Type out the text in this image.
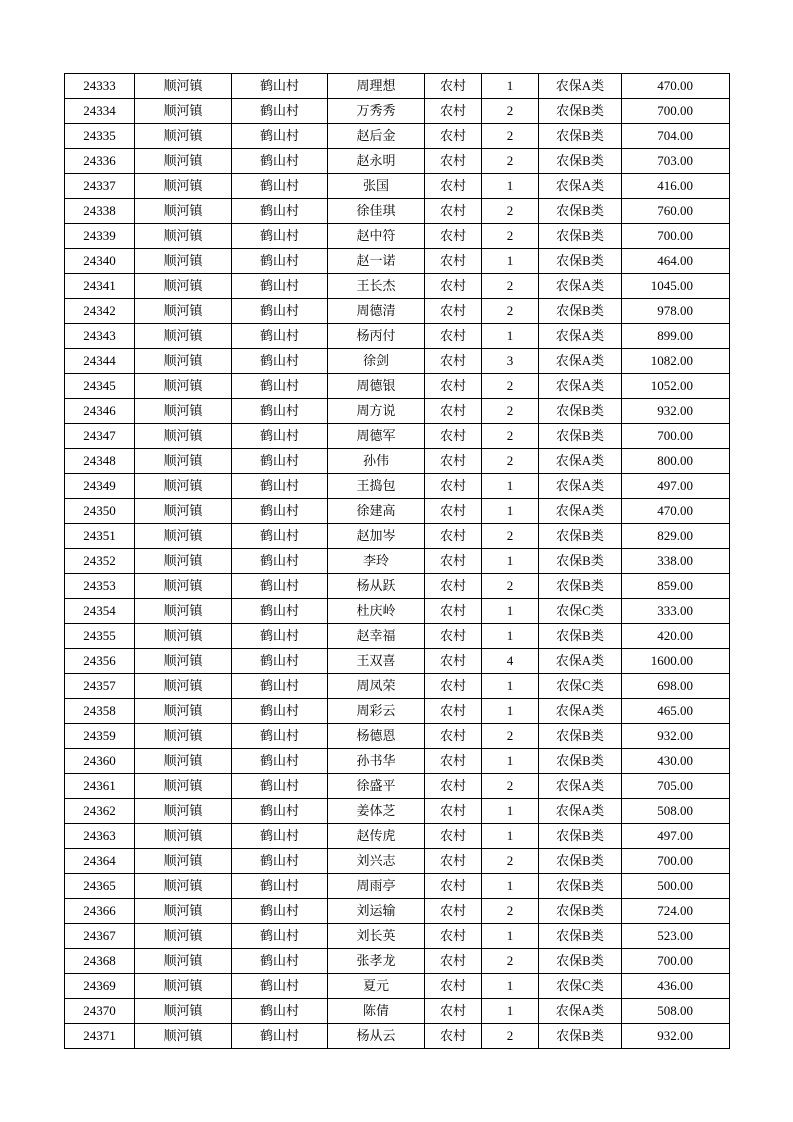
24333	顺河镇	鹤山村	周理想	农村	1	农保A类	470.00
24334	顺河镇	鹤山村	万秀秀	农村	2	农保B类	700.00
24335	顺河镇	鹤山村	赵后金	农村	2	农保B类	704.00
24336	顺河镇	鹤山村	赵永明	农村	2	农保B类	703.00
24337	顺河镇	鹤山村	张国	农村	1	农保A类	416.00
24338	顺河镇	鹤山村	徐佳琪	农村	2	农保B类	760.00
24339	顺河镇	鹤山村	赵中符	农村	2	农保B类	700.00
24340	顺河镇	鹤山村	赵一诺	农村	1	农保B类	464.00
24341	顺河镇	鹤山村	王长杰	农村	2	农保A类	1045.00
24342	顺河镇	鹤山村	周德清	农村	2	农保B类	978.00
24343	顺河镇	鹤山村	杨丙付	农村	1	农保A类	899.00
24344	顺河镇	鹤山村	徐剑	农村	3	农保A类	1082.00
24345	顺河镇	鹤山村	周德银	农村	2	农保A类	1052.00
24346	顺河镇	鹤山村	周方说	农村	2	农保B类	932.00
24347	顺河镇	鹤山村	周德军	农村	2	农保B类	700.00
24348	顺河镇	鹤山村	孙伟	农村	2	农保A类	800.00
24349	顺河镇	鹤山村	王捣包	农村	1	农保A类	497.00
24350	顺河镇	鹤山村	徐建高	农村	1	农保A类	470.00
24351	顺河镇	鹤山村	赵加岑	农村	2	农保B类	829.00
24352	顺河镇	鹤山村	李玲	农村	1	农保B类	338.00
24353	顺河镇	鹤山村	杨从跃	农村	2	农保B类	859.00
24354	顺河镇	鹤山村	杜庆岭	农村	1	农保C类	333.00
24355	顺河镇	鹤山村	赵幸福	农村	1	农保B类	420.00
24356	顺河镇	鹤山村	王双喜	农村	4	农保A类	1600.00
24357	顺河镇	鹤山村	周凤荣	农村	1	农保C类	698.00
24358	顺河镇	鹤山村	周彩云	农村	1	农保A类	465.00
24359	顺河镇	鹤山村	杨德恩	农村	2	农保B类	932.00
24360	顺河镇	鹤山村	孙书华	农村	1	农保B类	430.00
24361	顺河镇	鹤山村	徐盛平	农村	2	农保A类	705.00
24362	顺河镇	鹤山村	姜体芝	农村	1	农保A类	508.00
24363	顺河镇	鹤山村	赵传虎	农村	1	农保B类	497.00
24364	顺河镇	鹤山村	刘兴志	农村	2	农保B类	700.00
24365	顺河镇	鹤山村	周雨亭	农村	1	农保B类	500.00
24366	顺河镇	鹤山村	刘运输	农村	2	农保B类	724.00
24367	顺河镇	鹤山村	刘长英	农村	1	农保B类	523.00
24368	顺河镇	鹤山村	张孝龙	农村	2	农保B类	700.00
24369	顺河镇	鹤山村	夏元	农村	1	农保C类	436.00
24370	顺河镇	鹤山村	陈倩	农村	1	农保A类	508.00
24371	顺河镇	鹤山村	杨从云	农村	2	农保B类	932.00
